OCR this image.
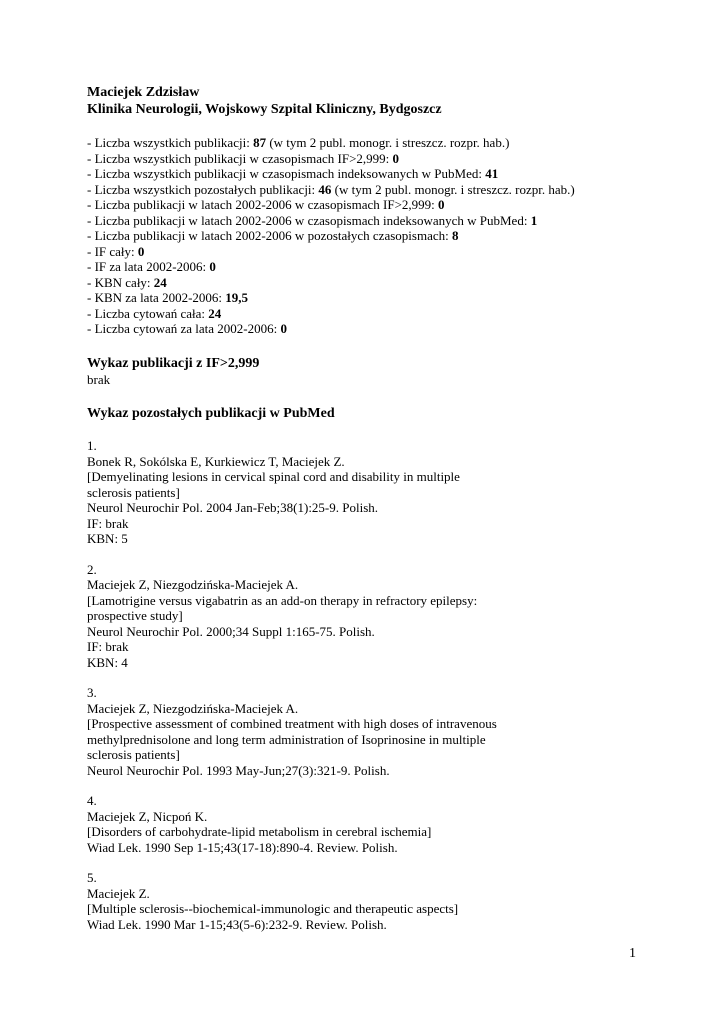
Maciejek Zdzisław
Klinika Neurologii, Wojskowy Szpital Kliniczny, Bydgoszcz
- Liczba wszystkich publikacji: 87 (w tym 2 publ. monogr. i streszcz. rozpr. hab.)
- Liczba wszystkich publikacji w czasopismach IF>2,999: 0
- Liczba wszystkich publikacji w czasopismach indeksowanych w PubMed: 41
- Liczba wszystkich pozostałych publikacji: 46 (w tym 2 publ. monogr. i streszcz. rozpr. hab.)
- Liczba publikacji w latach 2002-2006 w czasopismach IF>2,999: 0
- Liczba publikacji w latach 2002-2006 w czasopismach indeksowanych w PubMed: 1
- Liczba publikacji w latach 2002-2006 w pozostałych czasopismach: 8
- IF cały: 0
- IF za lata 2002-2006: 0
- KBN cały: 24
- KBN za lata 2002-2006: 19,5
- Liczba cytowań cała: 24
- Liczba cytowań za lata 2002-2006: 0
Wykaz publikacji z IF>2,999
brak
Wykaz pozostałych publikacji w PubMed
1.
Bonek R, Sokólska E, Kurkiewicz T, Maciejek Z.
[Demyelinating lesions in cervical spinal cord and disability in multiple
sclerosis patients]
Neurol Neurochir Pol. 2004 Jan-Feb;38(1):25-9. Polish.
IF: brak
KBN: 5
2.
Maciejek Z, Niezgodzińska-Maciejek A.
[Lamotrigine versus vigabatrin as an add-on therapy in refractory epilepsy:
prospective study]
Neurol Neurochir Pol. 2000;34 Suppl 1:165-75. Polish.
IF: brak
KBN: 4
3.
Maciejek Z, Niezgodzińska-Maciejek A.
[Prospective assessment of combined treatment with high doses of intravenous
methylprednisolone and long term administration of Isoprinosine in multiple
sclerosis patients]
Neurol Neurochir Pol. 1993 May-Jun;27(3):321-9. Polish.
4.
Maciejek Z, Nicpoń K.
[Disorders of carbohydrate-lipid metabolism in cerebral ischemia]
Wiad Lek. 1990 Sep 1-15;43(17-18):890-4. Review. Polish.
5.
Maciejek Z.
[Multiple sclerosis--biochemical-immunologic and therapeutic aspects]
Wiad Lek. 1990 Mar 1-15;43(5-6):232-9. Review. Polish.
1
